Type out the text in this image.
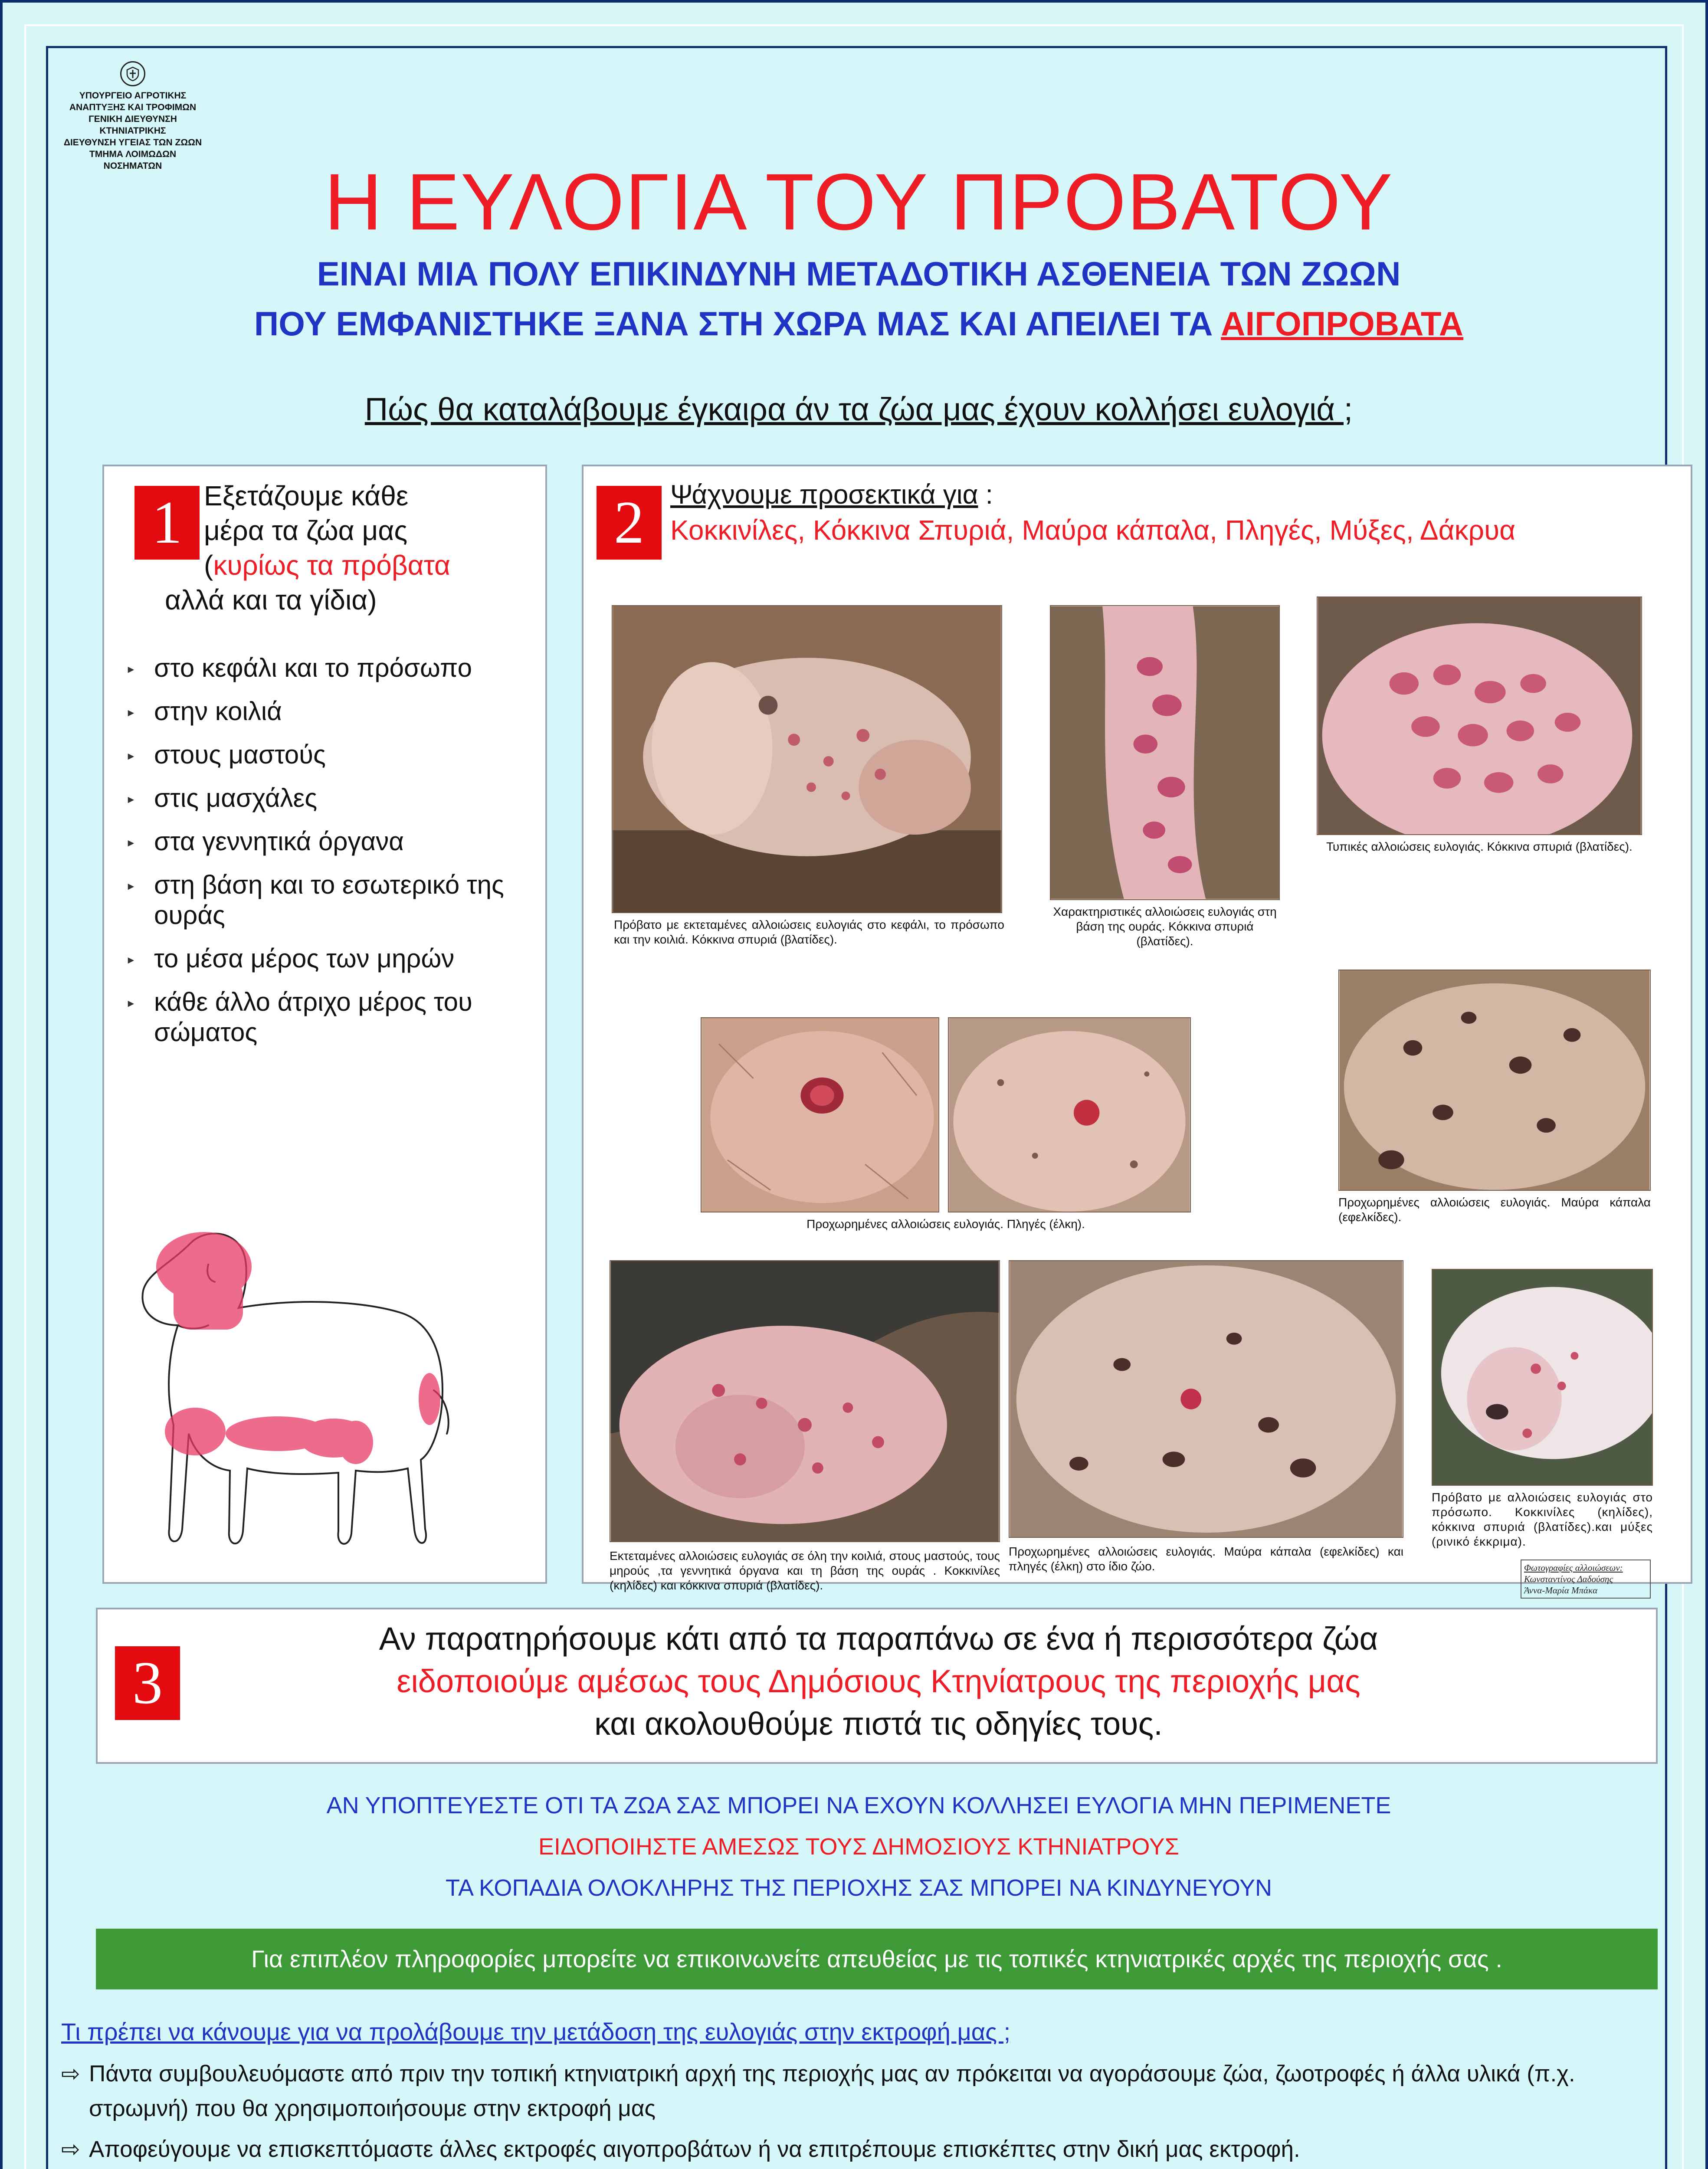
ΥΠΟΥΡΓΕΙΟ ΑΓΡΟΤΙΚΗΣ
ΑΝΑΠΤΥΞΗΣ ΚΑΙ ΤΡΟΦΙΜΩΝ
ΓΕΝΙΚΗ ΔΙΕΥΘΥΝΣΗ ΚΤΗΝΙΑΤΡΙΚΗΣ
ΔΙΕΥΘΥΝΣΗ ΥΓΕΙΑΣ ΤΩΝ ΖΩΩΝ
ΤΜΗΜΑ ΛΟΙΜΩΔΩΝ ΝΟΣΗΜΑΤΩΝ	Η ΕΥΛΟΓΙΑ ΤΟΥ ΠΡΟΒΑΤΟΥ
ΕΙΝΑΙ ΜΙΑ ΠΟΛΥ ΕΠΙΚΙΝΔΥΝΗ ΜΕΤΑΔΟΤΙΚΗ ΑΣΘΕΝΕΙΑ ΤΩΝ ΖΩΩΝ
ΠΟΥ ΕΜΦΑΝΙΣΤΗΚΕ ΞΑΝΑ ΣΤΗ ΧΩΡΑ ΜΑΣ ΚΑΙ ΑΠΕΙΛΕΙ ΤΑ ΑΙΓΟΠΡΟΒΑΤΑ
Πώς θα καταλάβουμε έγκαιρα άν τα ζώα μας έχουν κολλήσει ευλογιά ;
1 Εξετάζουμε κάθε
μέρα τα ζώα μας
(κυρίως τα πρόβατα
αλλά και τα γίδια)
► στο κεφάλι και το πρόσωπο
► στην κοιλιά
► στους μαστούς
► στις μασχάλες
► στα γεννητικά όργανα
► στη βάση και το εσωτερικό της ουράς
► το μέσα μέρος των μηρών
► κάθε άλλο άτριχο μέρος του σώματος
2 Ψάχνουμε προσεκτικά για :
Κοκκινίλες, Κόκκινα Σπυριά, Μαύρα κάπαλα, Πληγές, Μύξες, Δάκρυα
Πρόβατο με εκτεταμένες αλλοιώσεις ευλογιάς στο κεφάλι, το πρόσωπο και την κοιλιά. Κόκκινα σπυριά (βλατίδες).
Χαρακτηριστικές αλλοιώσεις ευλογιάς στη βάση της ουράς. Κόκκινα σπυριά (βλατίδες).
Τυπικές αλλοιώσεις ευλογιάς. Κόκκινα σπυριά (βλατίδες).
Προχωρημένες αλλοιώσεις ευλογιάς. Πληγές (έλκη).
Προχωρημένες αλλοιώσεις ευλογιάς. Μαύρα κάπαλα (εφελκίδες).
Εκτεταμένες αλλοιώσεις ευλογιάς σε όλη την κοιλιά, στους μαστούς, τους μηρούς ,τα γεννητικά όργανα και τη βάση της ουράς . Κοκκινίλες (κηλίδες) και κόκκινα σπυριά (βλατίδες).
Προχωρημένες αλλοιώσεις ευλογιάς. Μαύρα κάπαλα (εφελκίδες) και πληγές (έλκη) στο ίδιο ζώο.
Πρόβατο με αλλοιώσεις ευλογιάς στο πρόσωπο. Κοκκινίλες (κηλίδες), κόκκινα σπυριά (βλατίδες).και μύξες (ρινικό έκκριμα).
Φωτογραφίες αλλοιώσεων:
Κωνσταντίνος Δαδούσης
Άννα-Μαρία Μπάκα
3
Αν παρατηρήσουμε κάτι από τα παραπάνω σε ένα ή περισσότερα ζώα
ειδοποιούμε αμέσως τους Δημόσιους Κτηνίατρους της περιοχής μας
και ακολουθούμε πιστά τις οδηγίες τους.
ΑΝ ΥΠΟΠΤΕΥΕΣΤΕ ΟΤΙ ΤΑ ΖΩΑ ΣΑΣ ΜΠΟΡΕΙ ΝΑ ΕΧΟΥΝ ΚΟΛΛΗΣΕΙ ΕΥΛΟΓΙΑ ΜΗΝ ΠΕΡΙΜΕΝΕΤΕ
ΕΙΔΟΠΟΙΗΣΤΕ ΑΜΕΣΩΣ ΤΟΥΣ ΔΗΜΟΣΙΟΥΣ ΚΤΗΝΙΑΤΡΟΥΣ
ΤΑ ΚΟΠΑΔΙΑ ΟΛΟΚΛΗΡΗΣ ΤΗΣ ΠΕΡΙΟΧΗΣ ΣΑΣ ΜΠΟΡΕΙ ΝΑ ΚΙΝΔΥΝΕΥΟΥΝ
Για επιπλέον πληροφορίες μπορείτε να επικοινωνείτε απευθείας με τις τοπικές κτηνιατρικές αρχές της περιοχής σας .
Τι πρέπει να κάνουμε για να προλάβουμε την μετάδοση της ευλογιάς στην εκτροφή μας ;
⇨ Πάντα συμβουλευόμαστε από πριν την τοπική κτηνιατρική αρχή της περιοχής μας αν πρόκειται να αγοράσουμε ζώα, ζωοτροφές ή άλλα υλικά (π.χ. στρωμνή) που θα χρησιμοποιήσουμε στην εκτροφή μας
⇨ Αποφεύγουμε να επισκεπτόμαστε άλλες εκτροφές αιγοπροβάτων ή να επιτρέπουμε επισκέπτες στην δική μας εκτροφή.
